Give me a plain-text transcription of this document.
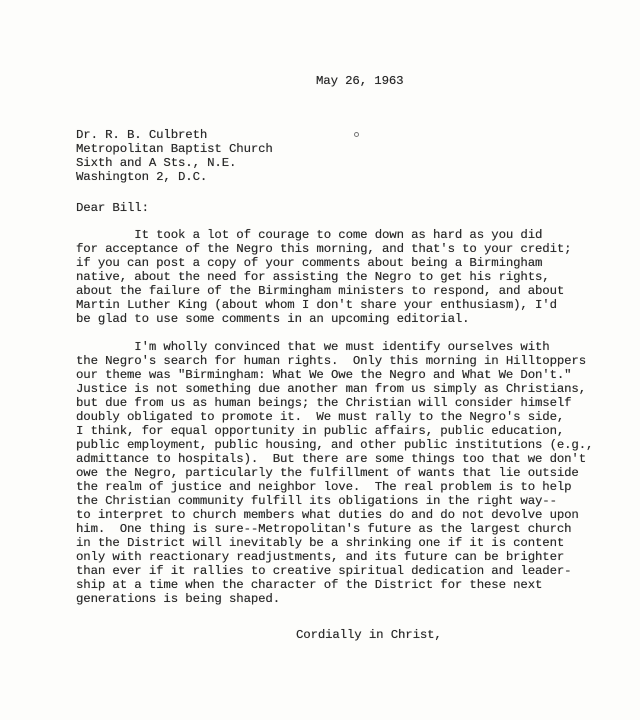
May 26, 1963
Dr. R. B. Culbreth
Metropolitan Baptist Church
Sixth and A Sts., N.E.
Washington 2, D.C.
Dear Bill:
It took a lot of courage to come down as hard as you did
for acceptance of the Negro this morning, and that's to your credit;
if you can post a copy of your comments about being a Birmingham
native, about the need for assisting the Negro to get his rights,
about the failure of the Birmingham ministers to respond, and about
Martin Luther King (about whom I don't share your enthusiasm), I'd
be glad to use some comments in an upcoming editorial.
I'm wholly convinced that we must identify ourselves with
the Negro's search for human rights.  Only this morning in Hilltoppers
our theme was "Birmingham: What We Owe the Negro and What We Don't."
Justice is not something due another man from us simply as Christians,
but due from us as human beings; the Christian will consider himself
doubly obligated to promote it.  We must rally to the Negro's side,
I think, for equal opportunity in public affairs, public education,
public employment, public housing, and other public institutions (e.g.,
admittance to hospitals).  But there are some things too that we don't
owe the Negro, particularly the fulfillment of wants that lie outside
the realm of justice and neighbor love.  The real problem is to help
the Christian community fulfill its obligations in the right way--
to interpret to church members what duties do and do not devolve upon
him.  One thing is sure--Metropolitan's future as the largest church
in the District will inevitably be a shrinking one if it is content
only with reactionary readjustments, and its future can be brighter
than ever if it rallies to creative spiritual dedication and leader-
ship at a time when the character of the District for these next
generations is being shaped.
Cordially in Christ,
